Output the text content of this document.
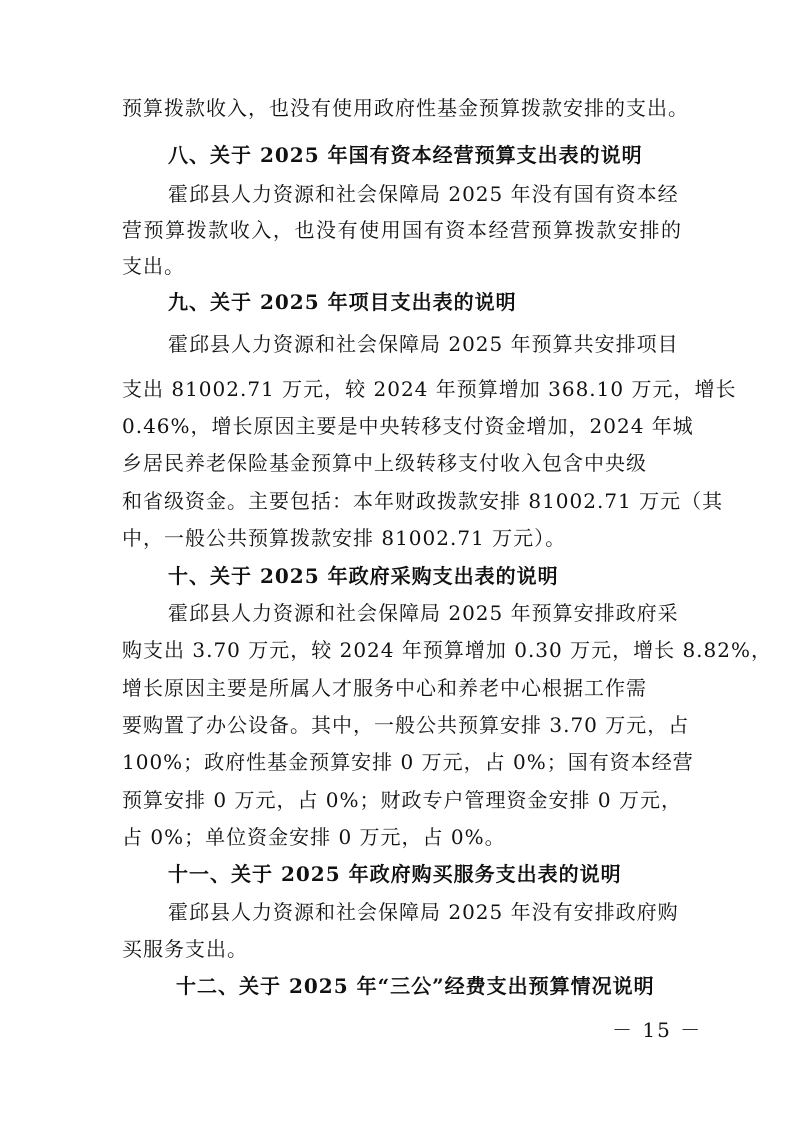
预算拨款收入，也没有使用政府性基金预算拨款安排的支出。
八、关于 2025 年国有资本经营预算支出表的说明
霍邱县人力资源和社会保障局 2025 年没有国有资本经
营预算拨款收入，也没有使用国有资本经营预算拨款安排的
支出。
九、关于 2025 年项目支出表的说明
霍邱县人力资源和社会保障局 2025 年预算共安排项目
支出 81002.71 万元，较 2024 年预算增加 368.10 万元，增长
0.46%，增长原因主要是中央转移支付资金增加，2024 年城
乡居民养老保险基金预算中上级转移支付收入包含中央级
和省级资金。主要包括：本年财政拨款安排 81002.71 万元（其
中，一般公共预算拨款安排 81002.71 万元）。
十、关于 2025 年政府采购支出表的说明
霍邱县人力资源和社会保障局 2025 年预算安排政府采
购支出 3.70 万元，较 2024 年预算增加 0.30 万元，增长 8.82%，
增长原因主要是所属人才服务中心和养老中心根据工作需
要购置了办公设备。其中，一般公共预算安排 3.70 万元，占
100%；政府性基金预算安排 0 万元，占 0%；国有资本经营
预算安排 0 万元，占 0%；财政专户管理资金安排 0 万元，
占 0%；单位资金安排 0 万元，占 0%。
十一、关于 2025 年政府购买服务支出表的说明
霍邱县人力资源和社会保障局 2025 年没有安排政府购
买服务支出。
十二、关于 2025 年“三公”经费支出预算情况说明
－ 15 －
